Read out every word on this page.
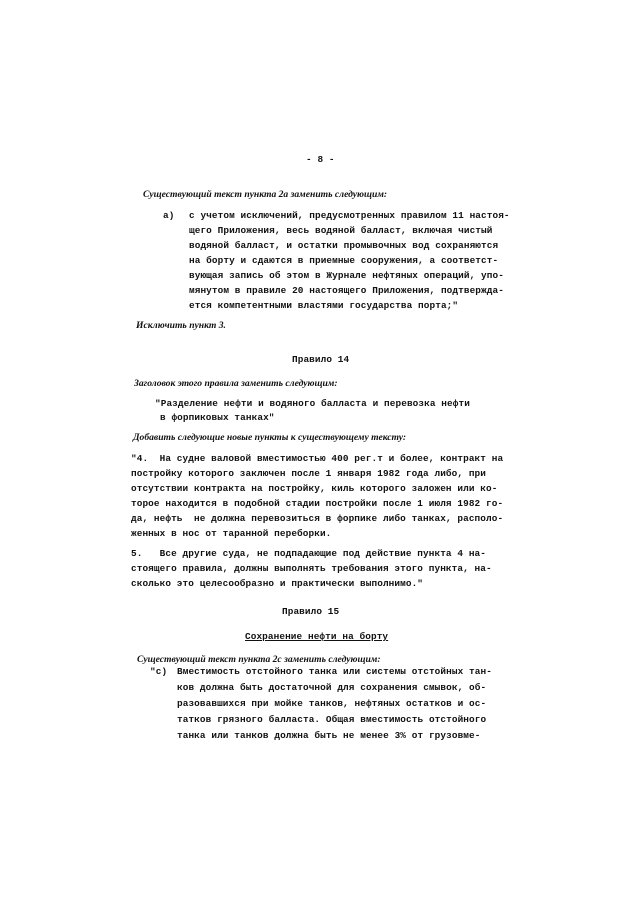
- 8 -
Существующий текст пункта 2а заменить следующим:
a) с учетом исключений, предусмотренных правилом 11 настоя-
щего Приложения, весь водяной балласт, включая чистый
водяной балласт, и остатки промывочных вод сохраняются
на борту и сдаются в приемные сооружения, а соответст-
вующая запись об этом в Журнале нефтяных операций, упо-
мянутом в правиле 20 настоящего Приложения, подтвержда-
ется компетентными властями государства порта;"
Исключить пункт 3.
Правило 14
Заголовок этого правила заменить следующим:
"Разделение нефти и водяного балласта и перевозка нефти
в форпиковых танках"
Добавить следующие новые пункты к существующему тексту:
"4.  На судне валовой вместимостью 400 рег.т и более, контракт на
постройку которого заключен после 1 января 1982 года либо, при
отсутствии контракта на постройку, киль которого заложен или ко-
торое находится в подобной стадии постройки после 1 июля 1982 го-
да, нефть  не должна перевозиться в форпике либо танках, располо-
женных в нос от таранной переборки.
5.   Все другие суда, не подпадающие под действие пункта 4 на-
стоящего правила, должны выполнять требования этого пункта, на-
сколько это целесообразно и практически выполнимо."
Правило 15
Сохранение нефти на борту
Существующий текст пункта 2с заменить следующим:
"c) Вместимость отстойного танка или системы отстойных тан-
ков должна быть достаточной для сохранения смывок, об-
разовавшихся при мойке танков, нефтяных остатков и ос-
татков грязного балласта. Общая вместимость отстойного
танка или танков должна быть не менее 3% от грузовме-
